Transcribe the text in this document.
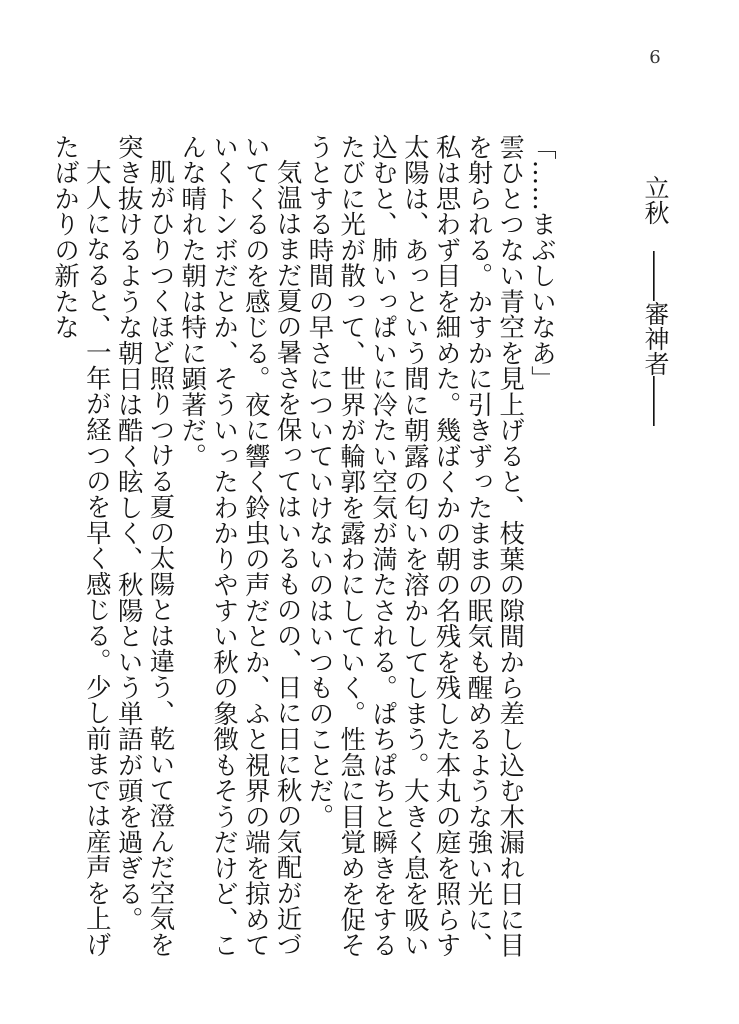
6
立秋――審神者――

「……まぶしいなあ」

雲ひとつない青空を見上げると、枝葉の隙間から差し込む木漏れ日に目を射られる。かすかに引きずったままの眠気も醒めるような強い光に、私は思わず目を細めた。幾ばくかの朝の名残を残した本丸の庭を照らす太陽は、あっという間に朝露の匂いを溶かしてしまう。大きく息を吸い込むと、肺いっぱいに冷たい空気が満たされる。ぱちぱちと瞬きをするたびに光が散って、世界が輪郭を露わにしていく。性急に目覚めを促そうとする時間の早さについていけないのはいつものことだ。

気温はまだ夏の暑さを保ってはいるものの、日に日に秋の気配が近づいてくるのを感じる。夜に響く鈴虫の声だとか、ふと視界の端を掠めていくトンボだとか、そういったわかりやすい秋の象徴もそうだけど、こんな晴れた朝は特に顕著だ。

肌がひりつくほど照りつける夏の太陽とは違う、乾いて澄んだ空気を突き抜けるような朝日は酷く眩しく、秋陽という単語が頭を過ぎる。

大人になると、一年が経つのを早く感じる。少し前までは産声を上げたばかりの新たな
